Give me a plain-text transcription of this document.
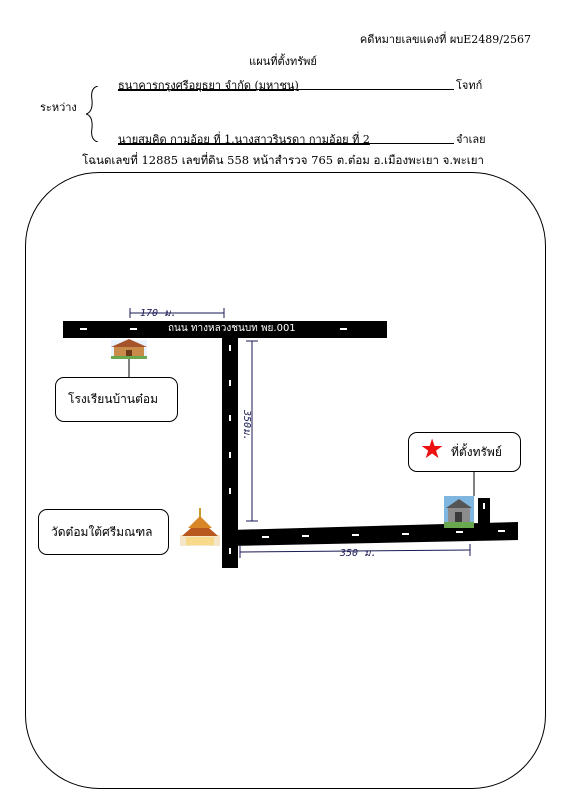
คดีหมายเลขแดงที่ ผบE2489/2567
แผนที่ตั้งทรัพย์
ระหว่าง
ธนาคารกรุงศรีอยุธยา จำกัด (มหาชน)	โจทก์
นายสมคิด กามอ้อย ที่ 1,นางสาวรินรดา กามอ้อย ที่ 2	จำเลย
โฉนดเลขที่ 12885 เลขที่ดิน 558 หน้าสำรวจ 765 ต.ต๋อม อ.เมืองพะเยา จ.พะเยา
ถนน ทางหลวงชนบท พย.001
170 ม.
350ม.
350 ม.
โรงเรียนบ้านต๋อม
วัดต๋อมใต้ศรีมณฑล
ที่ตั้งทรัพย์
★
